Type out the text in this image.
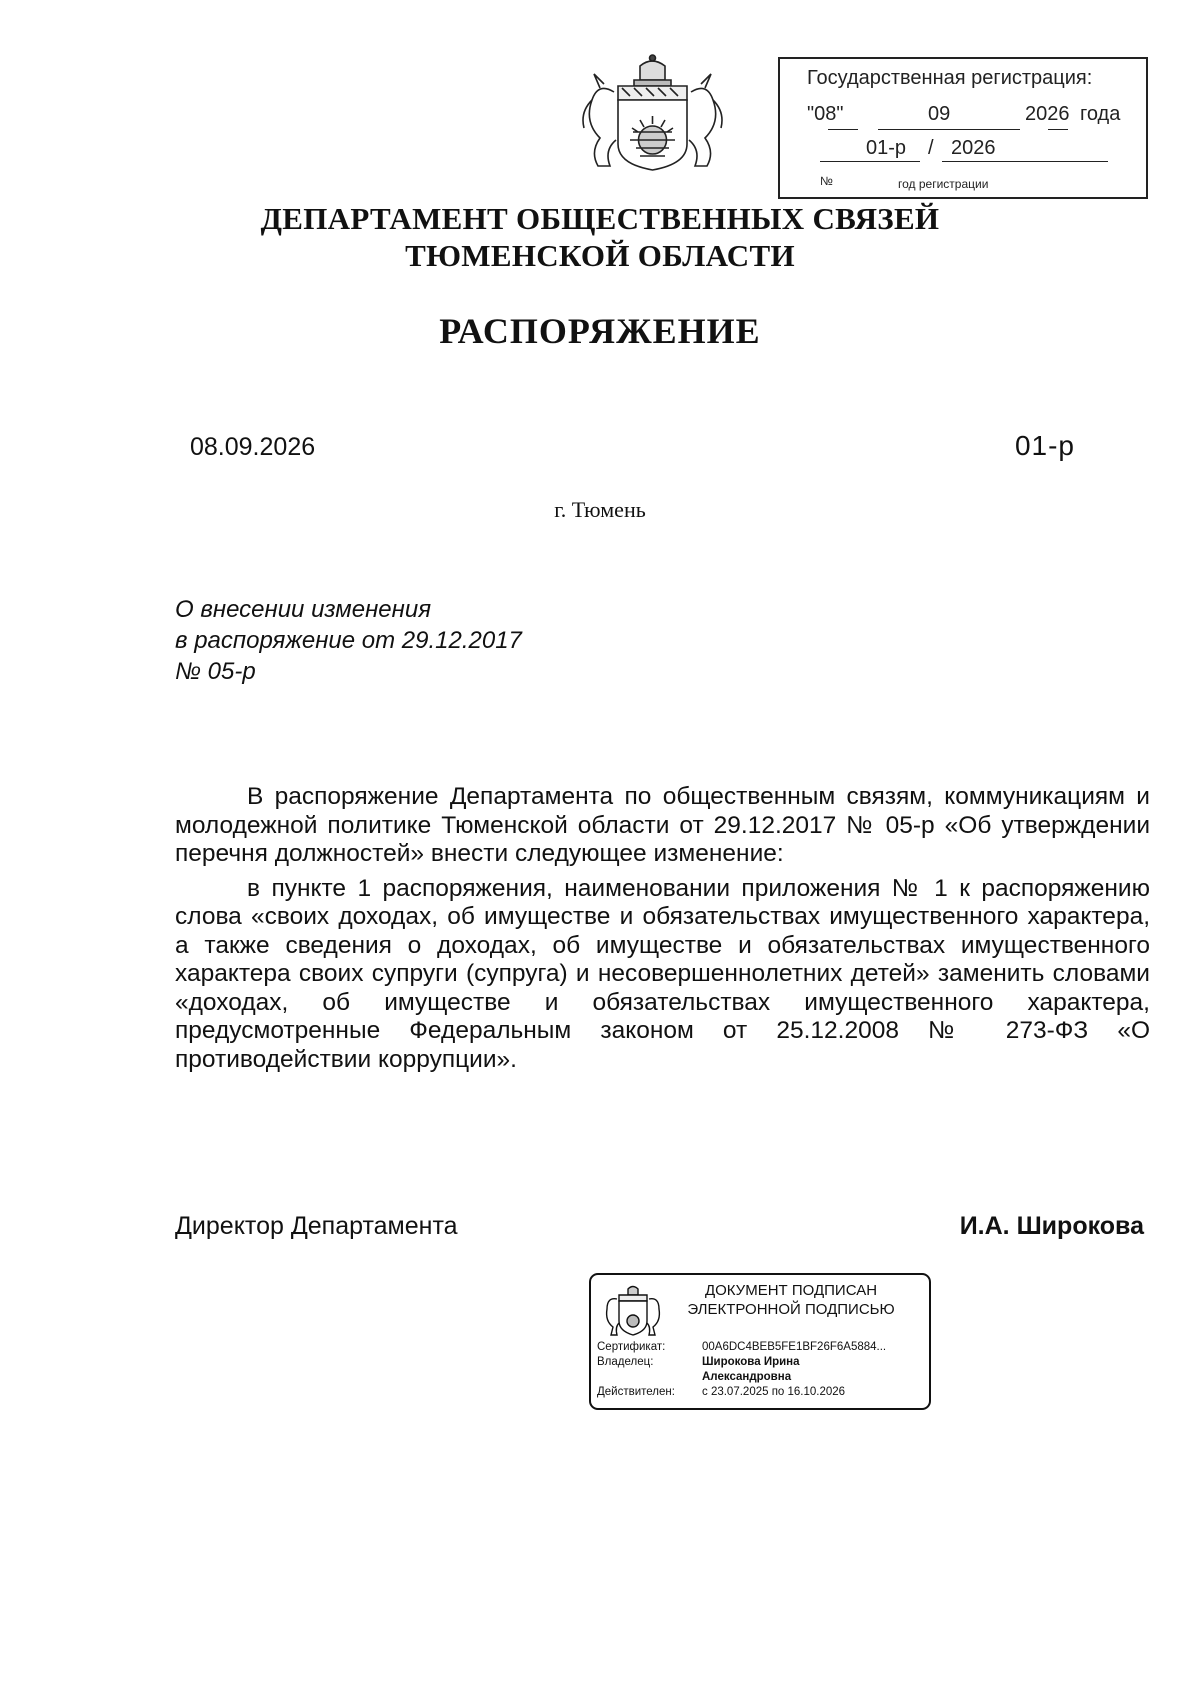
Государственная регистрация:
"08"	09	2026 года
01-р / 2026
№	год регистрации
ДЕПАРТАМЕНТ ОБЩЕСТВЕННЫХ СВЯЗЕЙ
ТЮМЕНСКОЙ ОБЛАСТИ
РАСПОРЯЖЕНИЕ
08.09.2026	01-р
г. Тюмень
О внесении изменения
в распоряжение от 29.12.2017
№ 05-р

В распоряжение Департамента по общественным связям, коммуникациям и молодежной политике Тюменской области от 29.12.2017 № 05-р «Об утверждении перечня должностей» внести следующее изменение:

в пункте 1 распоряжения, наименовании приложения № 1 к распоряжению слова «своих доходах, об имуществе и обязательствах имущественного характера, а также сведения о доходах, об имуществе и обязательствах имущественного характера своих супруги (супруга) и несовершеннолетних детей» заменить словами «доходах, об имуществе и обязательствах имущественного характера, предусмотренные Федеральным законом от 25.12.2008 № 273-ФЗ «О противодействии коррупции».

Директор Департамента	И.А. Широкова
ДОКУМЕНТ ПОДПИСАН
ЭЛЕКТРОННОЙ ПОДПИСЬЮ
Сертификат:	00A6DC4BEB5FE1BF26F6A5884...
Владелец:	Широкова Ирина
Александровна
Действителен: с 23.07.2025 по 16.10.2026
